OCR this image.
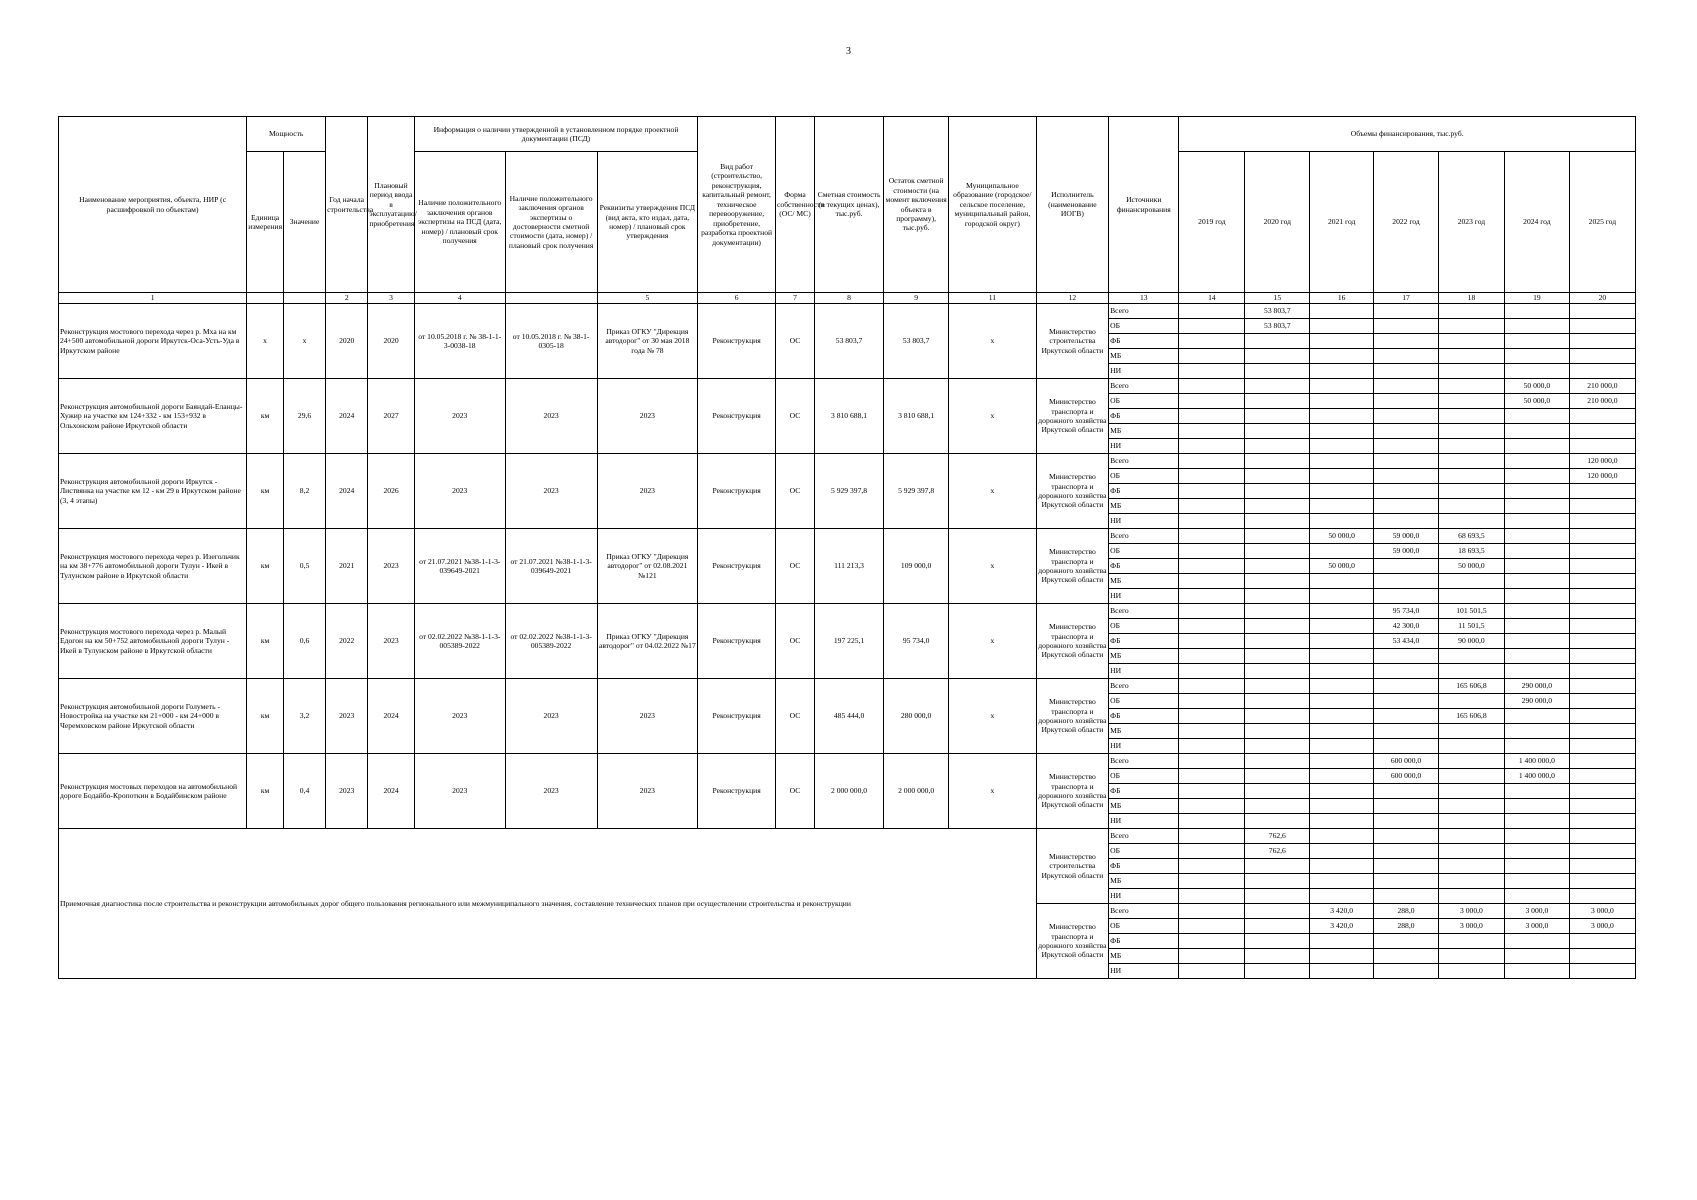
3
Наименование мероприятия, объекта, НИР (с расшифровкой по объектам)	Мощность		Год начала строительства	Плановый период ввода в эксплуатацию/приобретения	Информация о наличии утвержденной в установленном порядке проектной документации (ПСД)			Вид работ (строительство, реконструкция, капитальный ремонт, техническое перевооружение, приобретение, разработка проектной документации)	Форма собственности (ОС/ МС)	Сметная стоимость (в текущих ценах), тыс.руб.	Остаток сметной стоимости (на момент включения объекта в программу), тыс.руб.	Муниципальное образование (городское/сельское поселение, муниципальный район, городской округ)	Исполнитель (наименование ИОГВ)	Источники финансирования	Объемы финансирования, тыс.руб.						
	Единица измерения	Значение			Наличие положительного заключения органов экспертизы на ПСД (дата, номер) / плановый срок получения	Наличие положительного заключения органов экспертизы о достоверности сметной стоимости (дата, номер) / плановый срок получения	Реквизиты утверждения ПСД (вид акта, кто издал, дата, номер) / плановый срок утверждения								2019 год	2020 год	2021 год	2022 год	2023 год	2024 год	2025 год
1			2	3	4		5	6	7	8	9	11	12	13	14	15	16	17	18	19	20
Реконструкция мостового перехода через р. Мха на км 24+500 автомобильной дороги Иркутск-Оса-Усть-Уда в Иркутском районе	х	х	2020	2020	от 10.05.2018 г. № 38-1-1-3-0038-18	от 10.05.2018 г. № 38-1-0305-18	Приказ ОГКУ "Дирекция автодорог" от 30 мая 2018 года № 78	Реконструкция	ОС	53 803,7	53 803,7	х	Министерство строительства Иркутской области	Всего		53 803,7					
														ОБ		53 803,7					
														ФБ							
														МБ							
														НИ							
Реконструкция автомобильной дороги Баяндай-Еланцы-Хужир на участке км 124+332 - км 153+932 в Ольхонском районе Иркутской области	км	29,6	2024	2027	2023	2023	2023	Реконструкция	ОС	3 810 688,1	3 810 688,1	х	Министерство транспорта и дорожного хозяйства Иркутской области	Всего						50 000,0	210 000,0
														ОБ						50 000,0	210 000,0
														ФБ							
														МБ							
														НИ							
Реконструкция автомобильной дороги Иркутск - Листвянка на участке км 12 - км 29 в Иркутском районе (3, 4 этапы)	км	8,2	2024	2026	2023	2023	2023	Реконструкция	ОС	5 929 397,8	5 929 397,8	х	Министерство транспорта и дорожного хозяйства Иркутской области	Всего							120 000,0
														ОБ							120 000,0
														ФБ							
														МБ							
														НИ							
Реконструкция мостового перехода через р. Изегольчик на км 38+776 автомобильной дороги Тулун - Икей в Тулунском районе в Иркутской области	км	0,5	2021	2023	от 21.07.2021 №38-1-1-3-039649-2021	от 21.07.2021 №38-1-1-3-039649-2021	Приказ ОГКУ "Дирекция автодорог" от 02.08.2021 №121	Реконструкция	ОС	111 213,3	109 000,0	х	Министерство транспорта и дорожного хозяйства Иркутской области	Всего			50 000,0	59 000,0	68 693,5		
														ОБ				59 000,0	18 693,5		
														ФБ			50 000,0		50 000,0		
														МБ							
														НИ							
Реконструкция мостового перехода через р. Малый Едогон на км 50+752 автомобильной дороги Тулун - Икей в Тулунском районе в Иркутской области	км	0,6	2022	2023	от 02.02.2022 №38-1-1-3-005389-2022	от 02.02.2022 №38-1-1-3-005389-2022	Приказ ОГКУ "Дирекция автодорог" от 04.02.2022 №17	Реконструкция	ОС	197 225,1	95 734,0	х	Министерство транспорта и дорожного хозяйства Иркутской области	Всего				95 734,0	101 501,5		
														ОБ				42 300,0	11 501,5		
														ФБ				53 434,0	90 000,0		
														МБ							
														НИ							
Реконструкция автомобильной дороги Голуметь - Новостройка на участке км 21+000 - км 24+000 в Черемховском районе Иркутской области	км	3,2	2023	2024	2023	2023	2023	Реконструкция	ОС	485 444,0	280 000,0	х	Министерство транспорта и дорожного хозяйства Иркутской области	Всего					165 606,8	290 000,0	
														ОБ						290 000,0	
														ФБ					165 606,8		
														МБ							
														НИ							
Реконструкция мостовых переходов на автомобильной дороге Бодайбо-Кропоткин в Бодайбинском районе	км	0,4	2023	2024	2023	2023	2023	Реконструкция	ОС	2 000 000,0	2 000 000,0	х	Министерство транспорта и дорожного хозяйства Иркутской области	Всего				600 000,0		1 400 000,0	
														ОБ				600 000,0		1 400 000,0	
														ФБ							
														МБ							
														НИ							
Приемочная диагностика после строительства и реконструкции автомобильных дорог общего пользования регионального или межмуниципального значения, составление технических планов при осуществлении строительства и реконструкции													Министерство строительства Иркутской области	Всего		762,6					
														ОБ		762,6					
														ФБ							
														МБ							
														НИ							
													Министерство транспорта и дорожного хозяйства Иркутской области	Всего			3 420,0	288,0	3 000,0	3 000,0	3 000,0
														ОБ			3 420,0	288,0	3 000,0	3 000,0	3 000,0
														ФБ							
														МБ							
														НИ							
